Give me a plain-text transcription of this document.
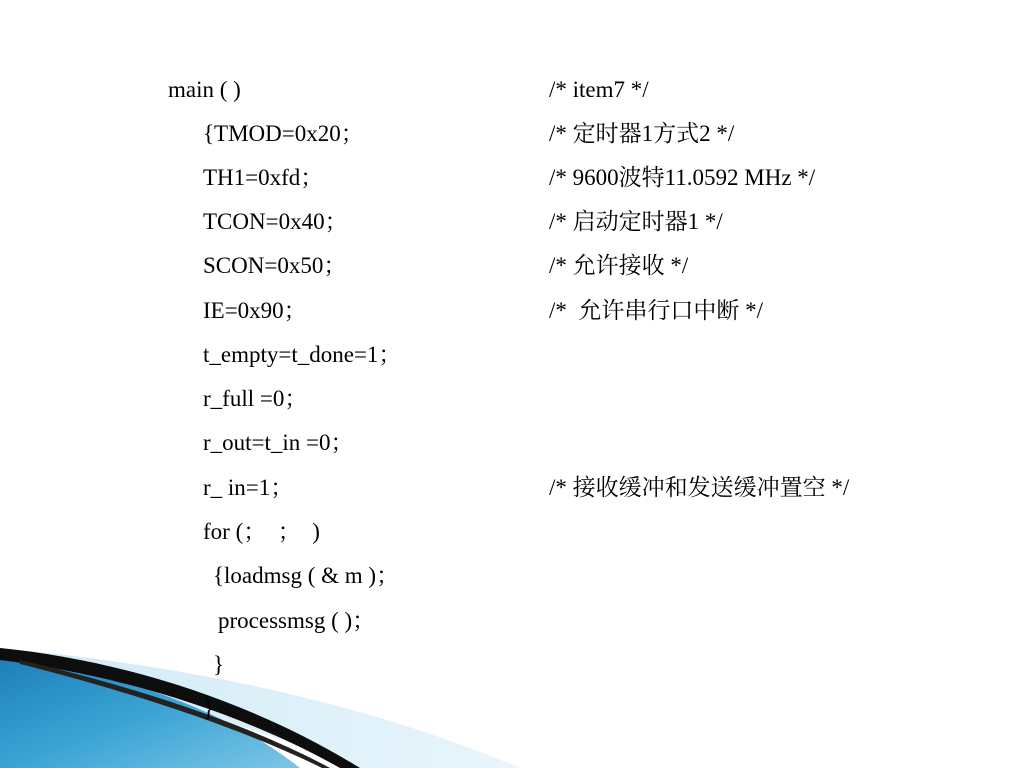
main ( )
{TMOD=0x20；
TH1=0xfd；
TCON=0x40；
SCON=0x50；
IE=0x90；
t_empty=t_done=1；
r_full =0；
r_out=t_in =0；
r_ in=1；
for (；  ；  )
{loadmsg ( & m )；
processmsg ( )；
}
}
/* item7 */
/* 定时器1方式2 */
/* 9600波特11.0592 MHz */
/* 启动定时器1 */
/* 允许接收 */
/*  允许串行口中断 */
/* 接收缓冲和发送缓冲置空 */
